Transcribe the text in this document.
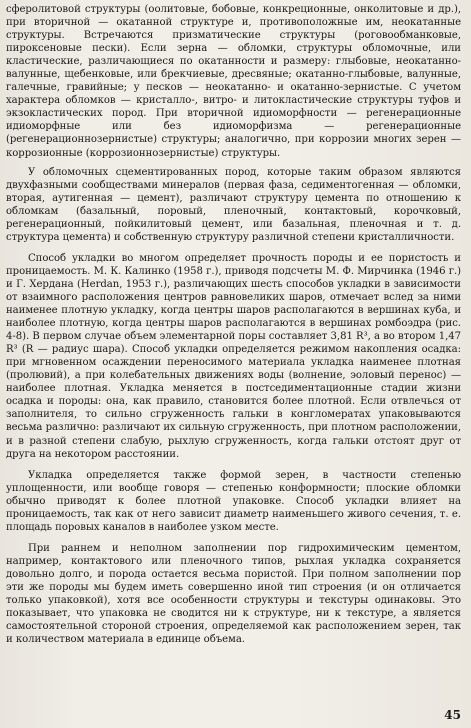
сферолитовой структуры (оолитовые, бобовые, конкреционные, онколитовые и др.), при вторичной — окатанной структуре и, противоположные им, неокатанные структуры. Встречаются призматические структуры (роговообманковые, пироксеновые пески). Если зерна — обломки, структуры обломочные, или кластические, различающиеся по окатанности и размеру: глыбовые, неокатанно-валунные, щебенковые, или брекчиевые, дресвяные; окатанно-глыбовые, валунные, галечные, гравийные; у песков — неокатанно- и окатанно-зернистые. С учетом характера обломков — кристалло-, витро- и литокластические структуры туфов и экзокластических пород. При вторичной идиоморфности — регенерационные идиоморфные или без идиоморфизма — регенерационные (регенерационнозернистые) структуры; аналогично, при коррозии многих зерен — коррозионные (коррозионнозернистые) структуры.

У обломочных сцементированных пород, которые таким образом являются двухфазными сообществами минералов (первая фаза, седиментогенная — обломки, вторая, аутигенная — цемент), различают структуру цемента по отношению к обломкам (базальный, поровый, пленочный, контактовый, корочковый, регенерационный, пойкилитовый цемент, или базальная, пленочная и т. д. структура цемента) и собственную структуру различной степени кристалличности.

Способ укладки во многом определяет прочность породы и ее пористость и проницаемость. М. К. Калинко (1958 г.), приводя подсчеты М. Ф. Мирчинка (1946 г.) и Г. Хердана (Herdan, 1953 г.), различающих шесть способов укладки в зависимости от взаимного расположения центров равновеликих шаров, отмечает вслед за ними наименее плотную укладку, когда центры шаров располагаются в вершинах куба, и наиболее плотную, когда центры шаров располагаются в вершинах ромбоэдра (рис. 4-8). В первом случае объем элементарной поры составляет 3,81 R³, а во втором 1,47 R³ (R — радиус шара). Способ укладки определяется режимом накопления осадка: при мгновенном осаждении переносимого материала укладка наименее плотная (пролювий), а при колебательных движениях воды (волнение, эоловый перенос) — наиболее плотная. Укладка меняется в постседиментационные стадии жизни осадка и породы: она, как правило, становится более плотной. Если отвлечься от заполнителя, то сильно сгруженность гальки в конгломератах упаковываются весьма различно: различают их сильную сгруженность, при плотном расположении, и в разной степени слабую, рыхлую сгруженность, когда гальки отстоят друг от друга на некотором расстоянии.

Укладка определяется также формой зерен, в частности степенью уплощенности, или вообще говоря — степенью конформности; плоские обломки обычно приводят к более плотной упаковке. Способ укладки влияет на проницаемость, так как от него зависит диаметр наименьшего живого сечения, т. е. площадь поровых каналов в наиболее узком месте.

При раннем и неполном заполнении пор гидрохимическим цементом, например, контактового или пленочного типов, рыхлая укладка сохраняется довольно долго, и порода остается весьма пористой. При полном заполнении пор эти же породы мы будем иметь совершенно иной тип строения (и он отличается только упаковкой), хотя все особенности структуры и текстуры одинаковы. Это показывает, что упаковка не сводится ни к структуре, ни к текстуре, а является самостоятельной стороной строения, определяемой как расположением зерен, так и количеством материала в единице объема.

45
